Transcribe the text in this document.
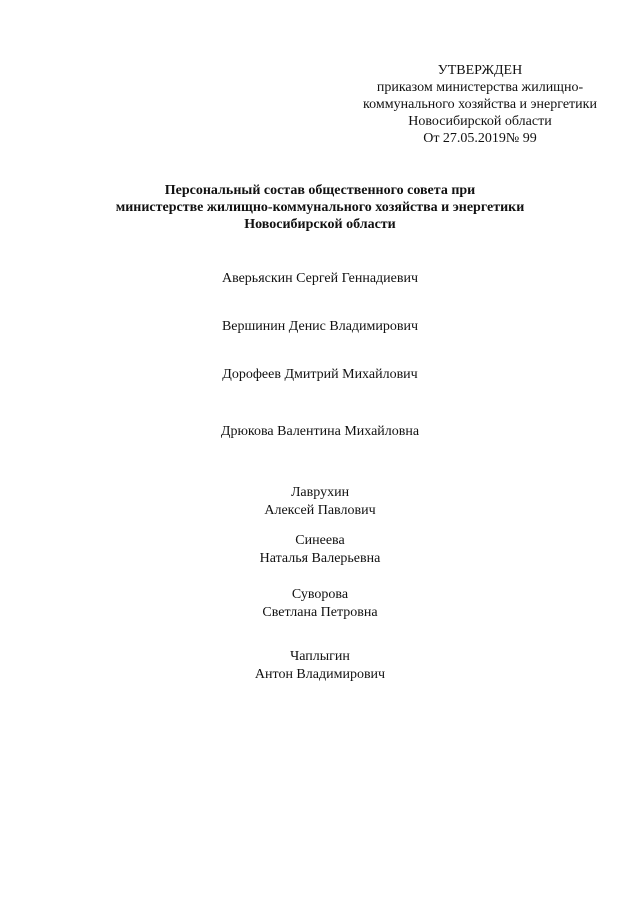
УТВЕРЖДЕН
приказом министерства жилищно-
коммунального хозяйства и энергетики
Новосибирской области
От 27.05.2019№ 99
Персональный состав общественного совета при
министерстве жилищно-коммунального хозяйства и энергетики
Новосибирской области
Аверьяскин Сергей Геннадиевич
Вершинин Денис Владимирович
Дорофеев Дмитрий Михайлович
Дрюкова Валентина Михайловна
Лаврухин
Алексей Павлович
Синеева
Наталья Валерьевна
Суворова
Светлана Петровна
Чаплыгин
Антон Владимирович
